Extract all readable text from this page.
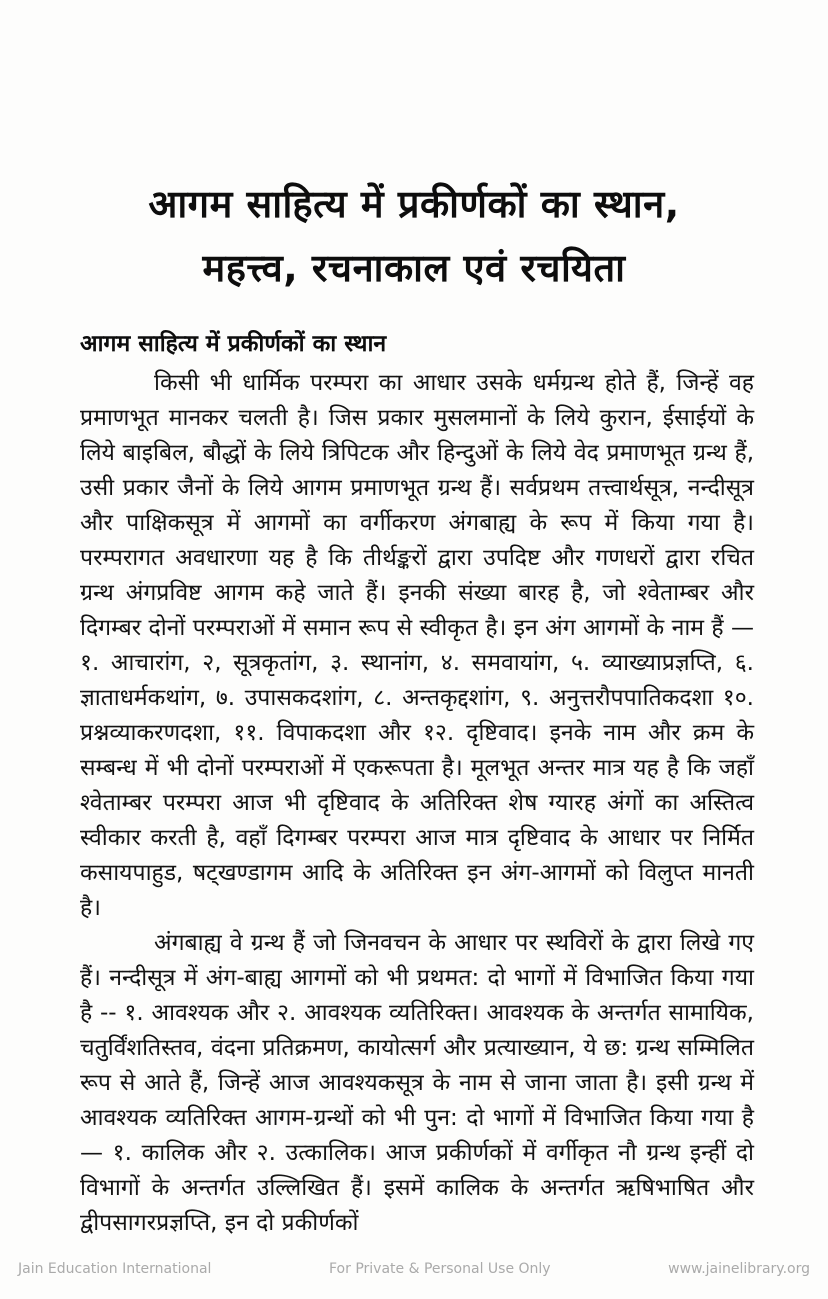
आगम साहित्य में प्रकीर्णकों का स्थान,
महत्त्व, रचनाकाल एवं रचयिता
आगम साहित्य में प्रकीर्णकों का स्थान

किसी भी धार्मिक परम्परा का आधार उसके धर्मग्रन्थ होते हैं, जिन्हें वह प्रमाणभूत मानकर चलती है। जिस प्रकार मुसलमानों के लिये कुरान, ईसाईयों के लिये बाइबिल, बौद्धों के लिये त्रिपिटक और हिन्दुओं के लिये वेद प्रमाणभूत ग्रन्थ हैं, उसी प्रकार जैनों के लिये आगम प्रमाणभूत ग्रन्थ हैं। सर्वप्रथम तत्त्वार्थसूत्र, नन्दीसूत्र और पाक्षिकसूत्र में आगमों का वर्गीकरण अंगबाह्य के रूप में किया गया है। परम्परागत अवधारणा यह है कि तीर्थङ्करों द्वारा उपदिष्ट और गणधरों द्वारा रचित ग्रन्थ अंगप्रविष्ट आगम कहे जाते हैं। इनकी संख्या बारह है, जो श्वेताम्बर और दिगम्बर दोनों परम्पराओं में समान रूप से स्वीकृत है। इन अंग आगमों के नाम हैं — १. आचारांग, २, सूत्रकृतांग, ३. स्थानांग, ४. समवायांग, ५. व्याख्याप्रज्ञप्ति, ६. ज्ञाताधर्मकथांग, ७. उपासकदशांग, ८. अन्तकृद्दशांग, ९. अनुत्तरौपपातिकदशा १०. प्रश्नव्याकरणदशा, ११. विपाकदशा और १२. दृष्टिवाद। इनके नाम और क्रम के सम्बन्ध में भी दोनों परम्पराओं में एकरूपता है। मूलभूत अन्तर मात्र यह है कि जहाँ श्वेताम्बर परम्परा आज भी दृष्टिवाद के अतिरिक्त शेष ग्यारह अंगों का अस्तित्व स्वीकार करती है, वहाँ दिगम्बर परम्परा आज मात्र दृष्टिवाद के आधार पर निर्मित कसायपाहुड, षट्खण्डागम आदि के अतिरिक्त इन अंग-आगमों को विलुप्त मानती है।

अंगबाह्य वे ग्रन्थ हैं जो जिनवचन के आधार पर स्थविरों के द्वारा लिखे गए हैं। नन्दीसूत्र में अंग-बाह्य आगमों को भी प्रथमत: दो भागों में विभाजित किया गया है -- १. आवश्यक और २. आवश्यक व्यतिरिक्त। आवश्यक के अन्तर्गत सामायिक, चतुर्विंशतिस्तव, वंदना प्रतिक्रमण, कायोत्सर्ग और प्रत्याख्यान, ये छ: ग्रन्थ सम्मिलित रूप से आते हैं, जिन्हें आज आवश्यकसूत्र के नाम से जाना जाता है। इसी ग्रन्थ में आवश्यक व्यतिरिक्त आगम-ग्रन्थों को भी पुन: दो भागों में विभाजित किया गया है — १. कालिक और २. उत्कालिक। आज प्रकीर्णकों में वर्गीकृत नौ ग्रन्थ इन्हीं दो विभागों के अन्तर्गत उल्लिखित हैं। इसमें कालिक के अन्तर्गत ऋषिभाषित और द्वीपसागरप्रज्ञप्ति, इन दो प्रकीर्णकों

Jain Education International	For Private & Personal Use Only	www.jainelibrary.org
